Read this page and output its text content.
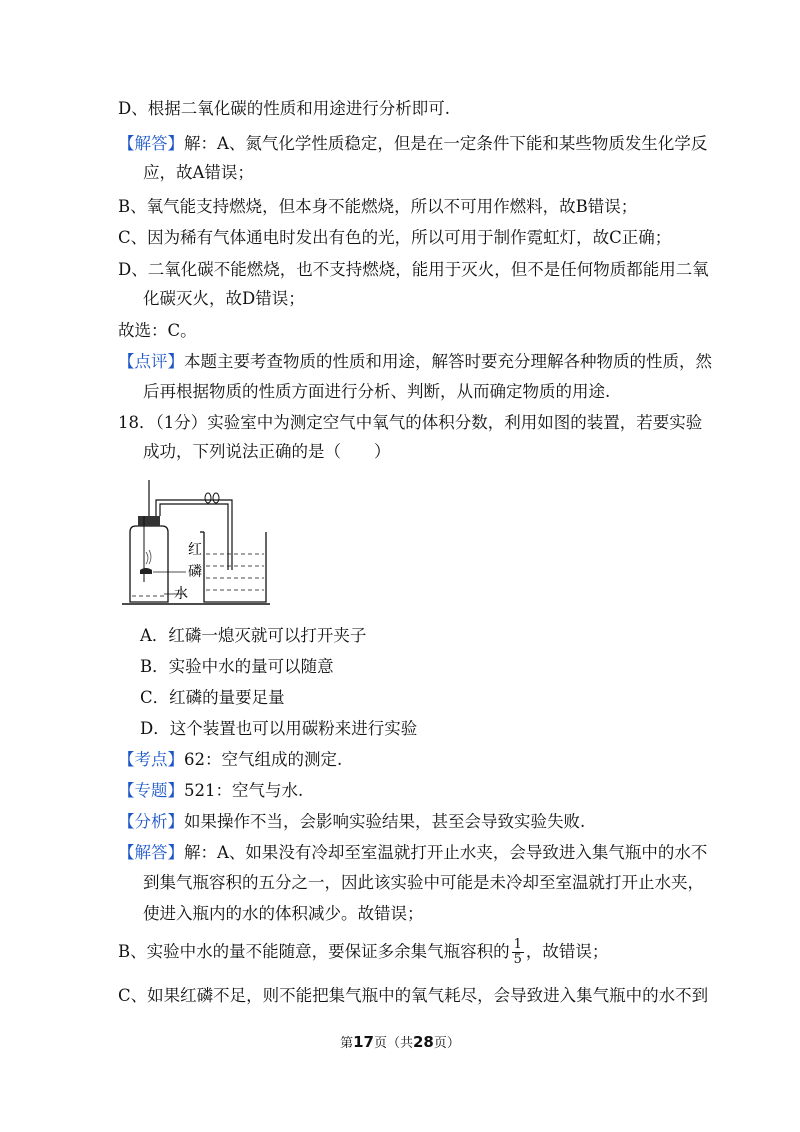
D、根据二氧化碳的性质和用途进行分析即可.
【解答】解：A、氮气化学性质稳定，但是在一定条件下能和某些物质发生化学反
应，故A错误；
B、氧气能支持燃烧，但本身不能燃烧，所以不可用作燃料，故B错误；
C、因为稀有气体通电时发出有色的光，所以可用于制作霓虹灯，故C正确；
D、二氧化碳不能燃烧，也不支持燃烧，能用于灭火，但不是任何物质都能用二氧
化碳灭火，故D错误；
故选：C。
【点评】本题主要考查物质的性质和用途，解答时要充分理解各种物质的性质，然
后再根据物质的性质方面进行分析、判断，从而确定物质的用途.
18．（1分）实验室中为测定空气中氧气的体积分数，利用如图的装置，若要实验
成功，下列说法正确的是（　　）
红
磷
水
A．红磷一熄灭就可以打开夹子
B．实验中水的量可以随意
C．红磷的量要足量
D．这个装置也可以用碳粉来进行实验
【考点】62：空气组成的测定.
【专题】521：空气与水.
【分析】如果操作不当，会影响实验结果，甚至会导致实验失败.
【解答】解：A、如果没有冷却至室温就打开止水夹，会导致进入集气瓶中的水不
到集气瓶容积的五分之一，因此该实验中可能是未冷却至室温就打开止水夹，
使进入瓶内的水的体积减少。故错误；
B、实验中水的量不能随意，要保证多余集气瓶容积的 $\frac{1}{5}$ ，故错误；
C、如果红磷不足，则不能把集气瓶中的氧气耗尽，会导致进入集气瓶中的水不到
第17页（共28页）
